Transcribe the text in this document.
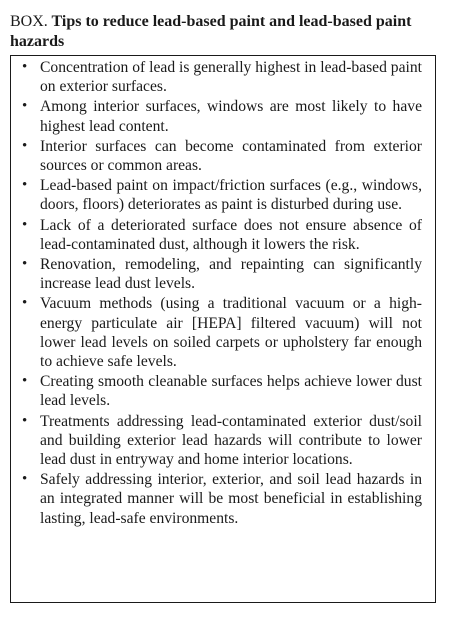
BOX. Tips to reduce lead-based paint and lead-based paint hazards
• Concentration of lead is generally highest in lead-based paint on exterior surfaces.
• Among interior surfaces, windows are most likely to have highest lead content.
• Interior surfaces can become contaminated from exterior sources or common areas.
• Lead-based paint on impact/friction surfaces (e.g., windows, doors, floors) deteriorates as paint is disturbed during use.
• Lack of a deteriorated surface does not ensure absence of lead-contaminated dust, although it lowers the risk.
• Renovation, remodeling, and repainting can significantly increase lead dust levels.
• Vacuum methods (using a traditional vacuum or a high-energy particulate air [HEPA] filtered vacuum) will not lower lead levels on soiled carpets or upholstery far enough to achieve safe levels.
• Creating smooth cleanable surfaces helps achieve lower dust lead levels.
• Treatments addressing lead-contaminated exterior dust/soil and building exterior lead hazards will contribute to lower lead dust in entryway and home interior locations.
• Safely addressing interior, exterior, and soil lead hazards in an integrated manner will be most beneficial in establishing lasting, lead-safe environments.
